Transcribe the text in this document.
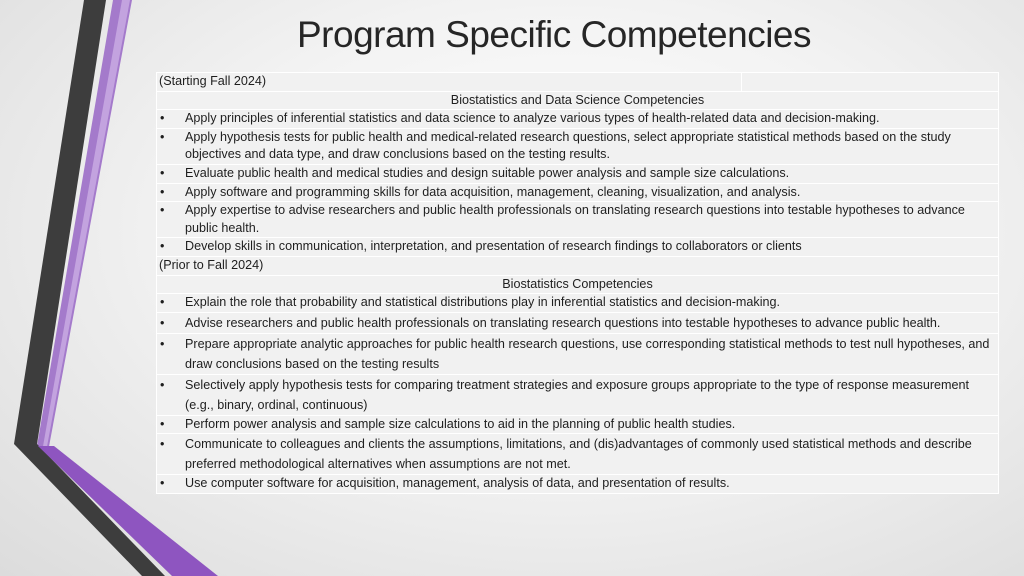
Program Specific Competencies
(Starting Fall 2024)
Biostatistics and Data Science Competencies
•	Apply principles of inferential statistics and data science to analyze various types of health-related data and decision-making.
•	Apply hypothesis tests for public health and medical-related research questions, select appropriate statistical methods based on the study objectives and data type, and draw conclusions based on the testing results.
•	Evaluate public health and medical studies and design suitable power analysis and sample size calculations.
•	Apply software and programming skills for data acquisition, management, cleaning, visualization, and analysis.
•	Apply expertise to advise researchers and public health professionals on translating research questions into testable hypotheses to advance public health.
•	Develop skills in communication, interpretation, and presentation of research findings to collaborators or clients
(Prior to Fall 2024)
Biostatistics Competencies
•	Explain the role that probability and statistical distributions play in inferential statistics and decision-making.
•	Advise researchers and public health professionals on translating research questions into testable hypotheses to advance public health.
•	Prepare appropriate analytic approaches for public health research questions, use corresponding statistical methods to test null hypotheses, and draw conclusions based on the testing results
•	Selectively apply hypothesis tests for comparing treatment strategies and exposure groups appropriate to the type of response measurement (e.g., binary, ordinal, continuous)
•	Perform power analysis and sample size calculations to aid in the planning of public health studies.
•	Communicate to colleagues and clients the assumptions, limitations, and (dis)advantages of commonly used statistical methods and describe preferred methodological alternatives when assumptions are not met.
•	Use computer software for acquisition, management, analysis of data, and presentation of results.
